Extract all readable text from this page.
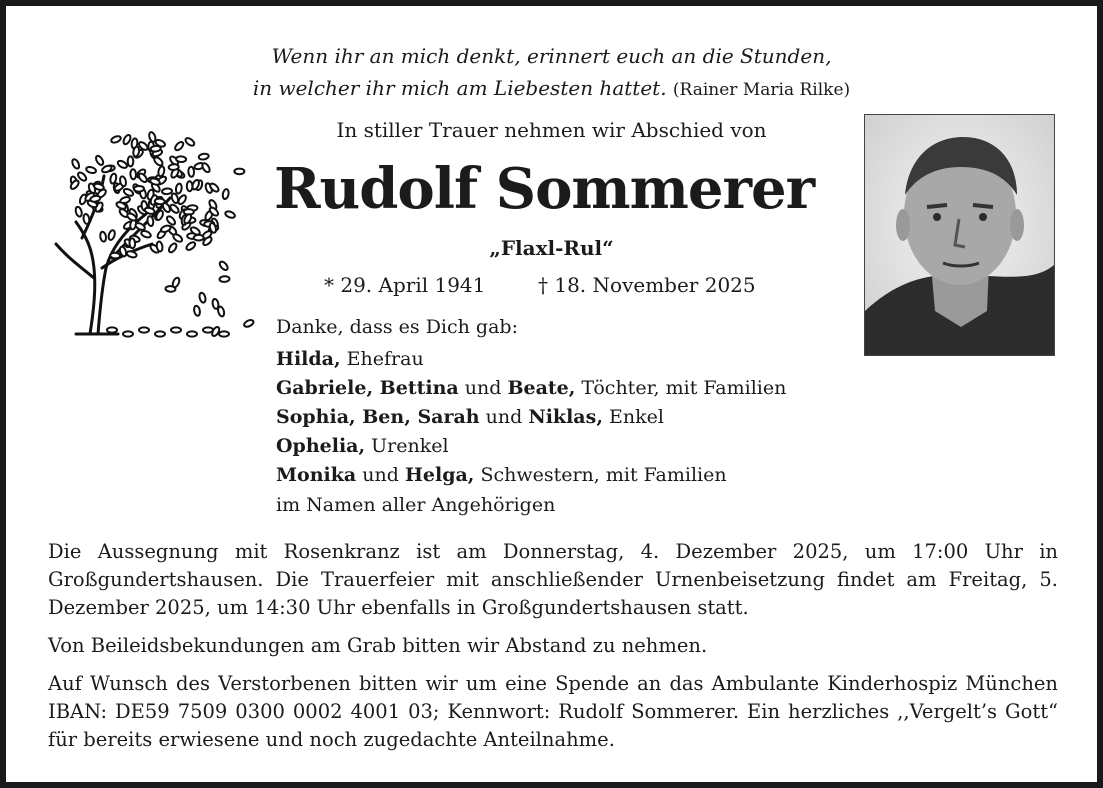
Wenn ihr an mich denkt, erinnert euch an die Stunden,
in welcher ihr mich am Liebesten hattet. (Rainer Maria Rilke)
In stiller Trauer nehmen wir Abschied von
Rudolf Sommerer
„Flaxl-Rul“
* 29. April 1941	† 18. November 2025
Danke, dass es Dich gab:
Hilda, Ehefrau
Gabriele, Bettina und Beate, Töchter, mit Familien
Sophia, Ben, Sarah und Niklas, Enkel
Ophelia, Urenkel
Monika und Helga, Schwestern, mit Familien
im Namen aller Angehörigen
Die Aussegnung mit Rosenkranz ist am Donnerstag, 4. Dezember 2025, um 17:00 Uhr in Großgundertshausen. Die Trauerfeier mit anschließender Urnenbeisetzung findet am Freitag, 5. Dezember 2025, um 14:30 Uhr ebenfalls in Großgundertshausen statt.
Von Beileidsbekundungen am Grab bitten wir Abstand zu nehmen.
Auf Wunsch des Verstorbenen bitten wir um eine Spende an das Ambulante Kinderhospiz München IBAN: DE59 7509 0300 0002 4001 03; Kennwort: Rudolf Sommerer. Ein herzliches ,,Vergelt’s Gott“ für bereits erwiesene und noch zugedachte Anteilnahme.
